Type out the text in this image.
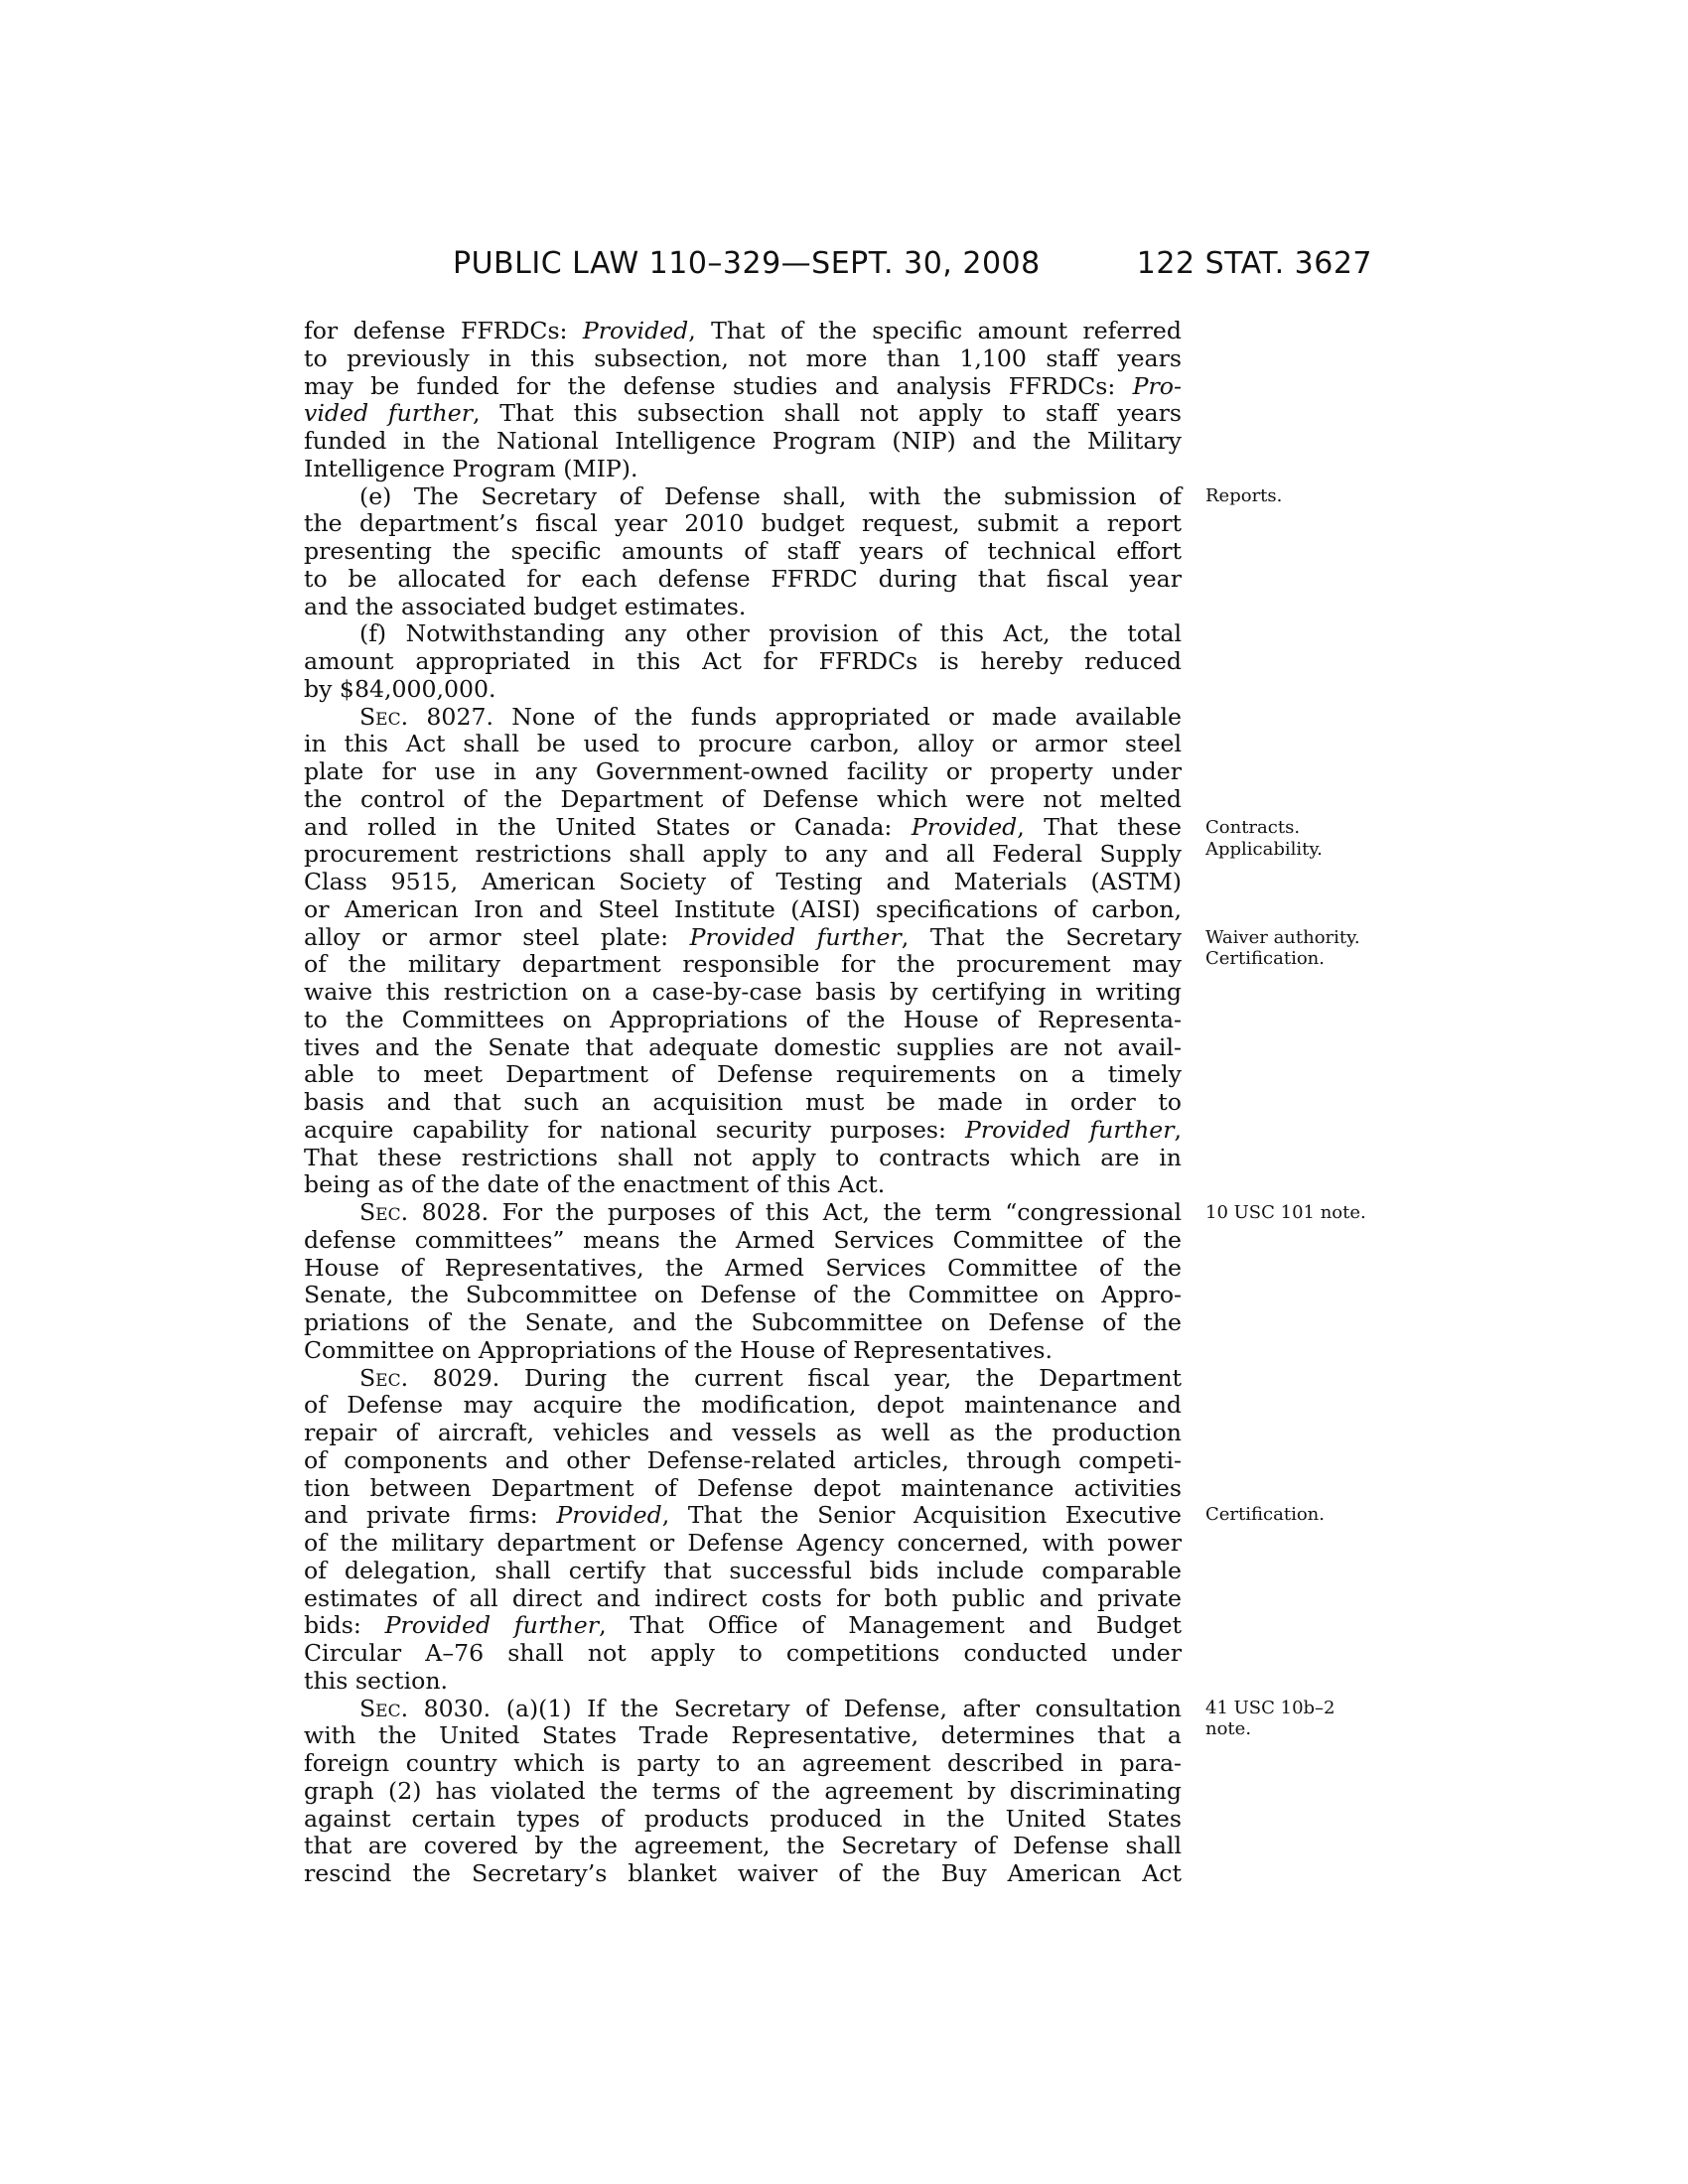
PUBLIC LAW 110–329—SEPT. 30, 2008	122 STAT. 3627

for defense FFRDCs: Provided, That of the specific amount referred

to previously in this subsection, not more than 1,100 staff years

may be funded for the defense studies and analysis FFRDCs: Pro-

vided further, That this subsection shall not apply to staff years

funded in the National Intelligence Program (NIP) and the Military

Intelligence Program (MIP).

(e) The Secretary of Defense shall, with the submission of

the department’s fiscal year 2010 budget request, submit a report

presenting the specific amounts of staff years of technical effort

to be allocated for each defense FFRDC during that fiscal year

and the associated budget estimates.

(f) Notwithstanding any other provision of this Act, the total

amount appropriated in this Act for FFRDCs is hereby reduced

by $84,000,000.

Sec. 8027. None of the funds appropriated or made available

in this Act shall be used to procure carbon, alloy or armor steel

plate for use in any Government-owned facility or property under

the control of the Department of Defense which were not melted

and rolled in the United States or Canada: Provided, That these

procurement restrictions shall apply to any and all Federal Supply

Class 9515, American Society of Testing and Materials (ASTM)

or American Iron and Steel Institute (AISI) specifications of carbon,

alloy or armor steel plate: Provided further, That the Secretary

of the military department responsible for the procurement may

waive this restriction on a case-by-case basis by certifying in writing

to the Committees on Appropriations of the House of Representa-

tives and the Senate that adequate domestic supplies are not avail-

able to meet Department of Defense requirements on a timely

basis and that such an acquisition must be made in order to

acquire capability for national security purposes: Provided further,

That these restrictions shall not apply to contracts which are in

being as of the date of the enactment of this Act.

Sec. 8028. For the purposes of this Act, the term “congressional

defense committees” means the Armed Services Committee of the

House of Representatives, the Armed Services Committee of the

Senate, the Subcommittee on Defense of the Committee on Appro-

priations of the Senate, and the Subcommittee on Defense of the

Committee on Appropriations of the House of Representatives.

Sec. 8029. During the current fiscal year, the Department

of Defense may acquire the modification, depot maintenance and

repair of aircraft, vehicles and vessels as well as the production

of components and other Defense-related articles, through competi-

tion between Department of Defense depot maintenance activities

and private firms: Provided, That the Senior Acquisition Executive

of the military department or Defense Agency concerned, with power

of delegation, shall certify that successful bids include comparable

estimates of all direct and indirect costs for both public and private

bids: Provided further, That Office of Management and Budget

Circular A–76 shall not apply to competitions conducted under

this section.

Sec. 8030. (a)(1) If the Secretary of Defense, after consultation

with the United States Trade Representative, determines that a

foreign country which is party to an agreement described in para-

graph (2) has violated the terms of the agreement by discriminating

against certain types of products produced in the United States

that are covered by the agreement, the Secretary of Defense shall

rescind the Secretary’s blanket waiver of the Buy American Act

Reports.
Contracts.
Applicability.
Waiver authority.
Certification.
10 USC 101 note.
Certification.
41 USC 10b–2
note.
